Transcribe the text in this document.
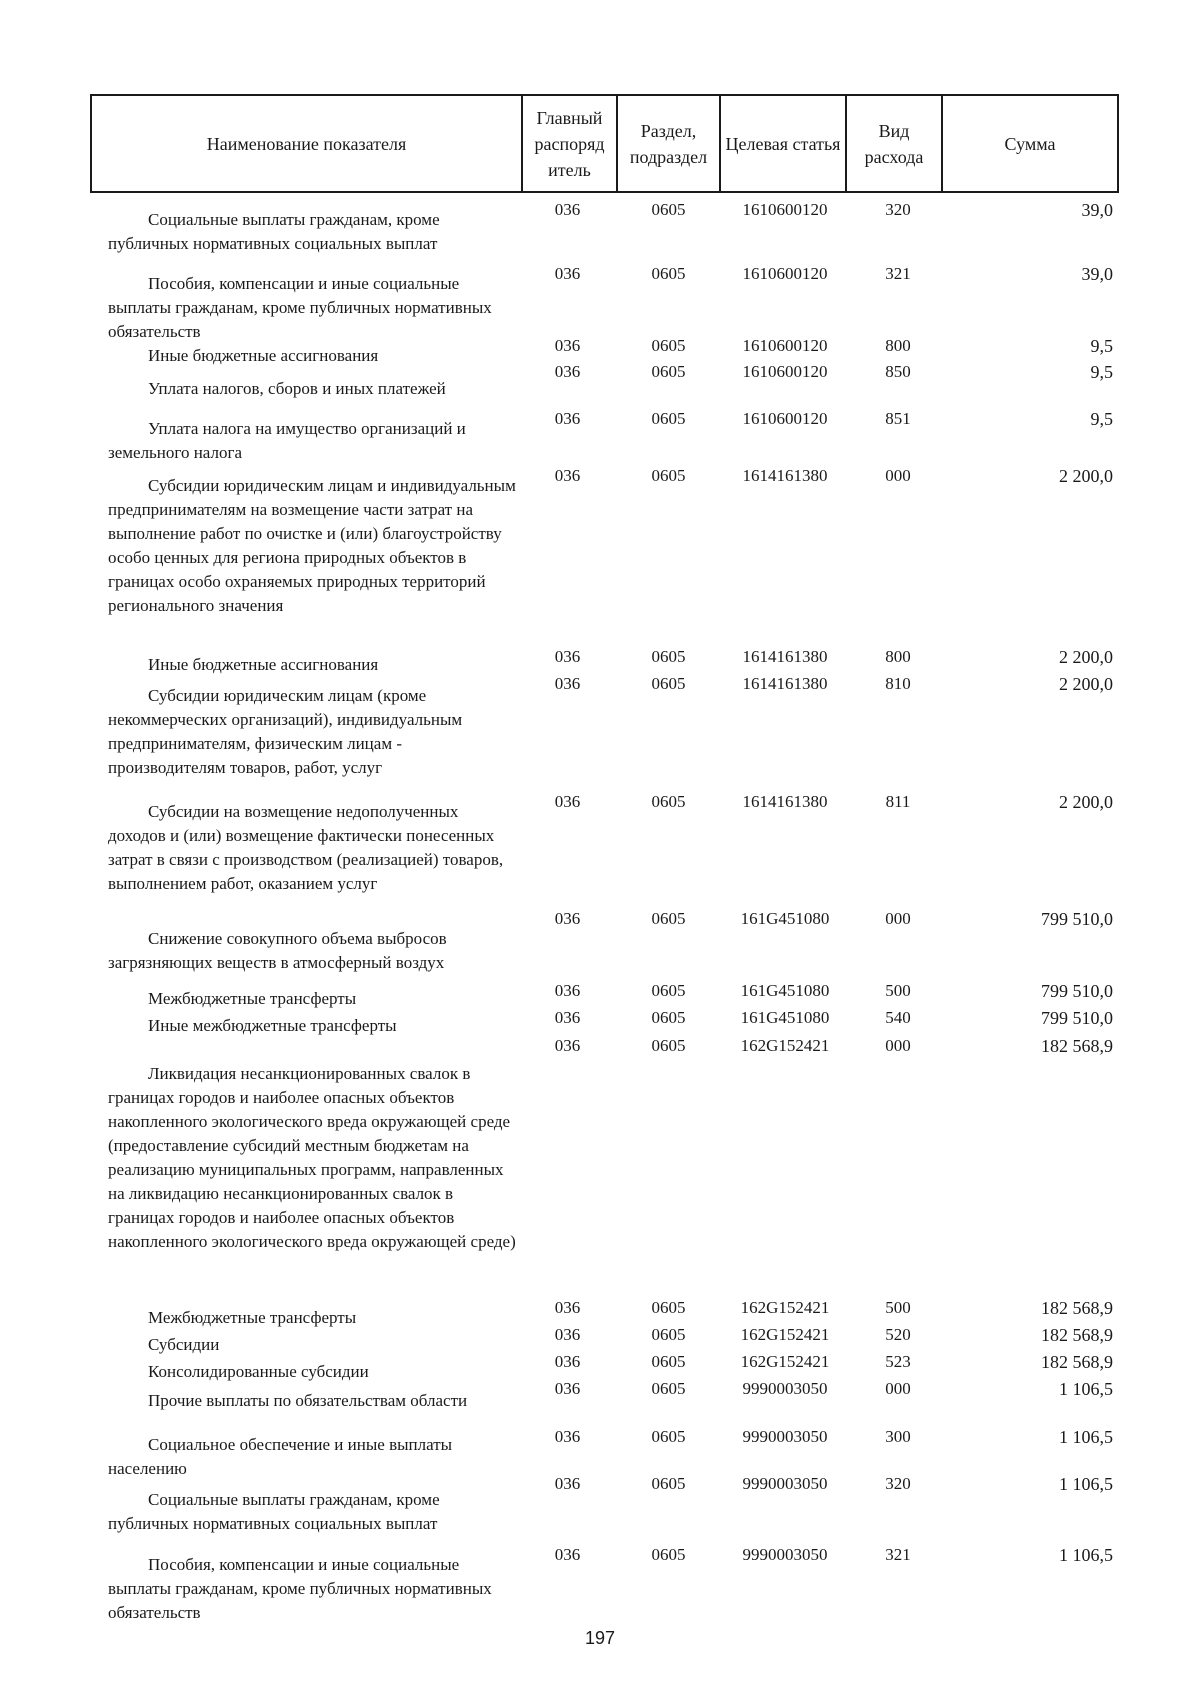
Наименование показателя	Главный распоряд итель	Раздел, подраздел	Целевая статья	Вид расхода	Сумма
Социальные выплаты гражданам, кроме публичных нормативных социальных выплат
036	0605	1610600120	320	39,0
Пособия, компенсации и иные социальные выплаты гражданам, кроме публичных нормативных обязательств
036	0605	1610600120	321	39,0
Иные бюджетные ассигнования
036	0605	1610600120	800	9,5
Уплата налогов, сборов и иных платежей
036	0605	1610600120	850	9,5
Уплата налога на имущество организаций и земельного налога
036	0605	1610600120	851	9,5
Субсидии юридическим лицам и индивидуальным предпринимателям на возмещение части затрат на выполнение работ по очистке и (или) благоустройству особо ценных для региона природных объектов в границах особо охраняемых природных территорий регионального значения
036	0605	1614161380	000	2 200,0
Иные бюджетные ассигнования	036	0605	1614161380	800	2 200,0
Субсидии юридическим лицам (кроме некоммерческих организаций), индивидуальным предпринимателям, физическим лицам - производителям товаров, работ, услуг
036	0605	1614161380	810	2 200,0
Субсидии на возмещение недополученных доходов и (или) возмещение фактически понесенных затрат в связи с производством (реализацией) товаров, выполнением работ, оказанием услуг
036	0605	1614161380	811	2 200,0
Снижение совокупного объема выбросов загрязняющих веществ в атмосферный воздух
036	0605	161G451080	000	799 510,0
Межбюджетные трансферты	036	0605	161G451080	500	799 510,0
Иные межбюджетные трансферты	036	0605	161G451080	540	799 510,0
Ликвидация несанкционированных свалок в границах городов и наиболее опасных объектов накопленного экологического вреда окружающей среде (предоставление субсидий местным бюджетам на реализацию муниципальных программ, направленных на ликвидацию несанкционированных свалок в границах городов и наиболее опасных объектов накопленного экологического вреда окружающей среде)
036	0605	162G152421	000	182 568,9
Межбюджетные трансферты
036	0605	162G152421	500	182 568,9
Субсидии
036	0605	162G152421	520	182 568,9
Консолидированные субсидии
036	0605	162G152421	523	182 568,9
Прочие выплаты по обязательствам области
036	0605	9990003050	000	1 106,5
Социальное обеспечение и иные выплаты населению
036	0605	9990003050	300	1 106,5
Социальные выплаты гражданам, кроме публичных нормативных социальных выплат
036	0605	9990003050	320	1 106,5
Пособия, компенсации и иные социальные выплаты гражданам, кроме публичных нормативных обязательств
036	0605	9990003050	321	1 106,5
197
